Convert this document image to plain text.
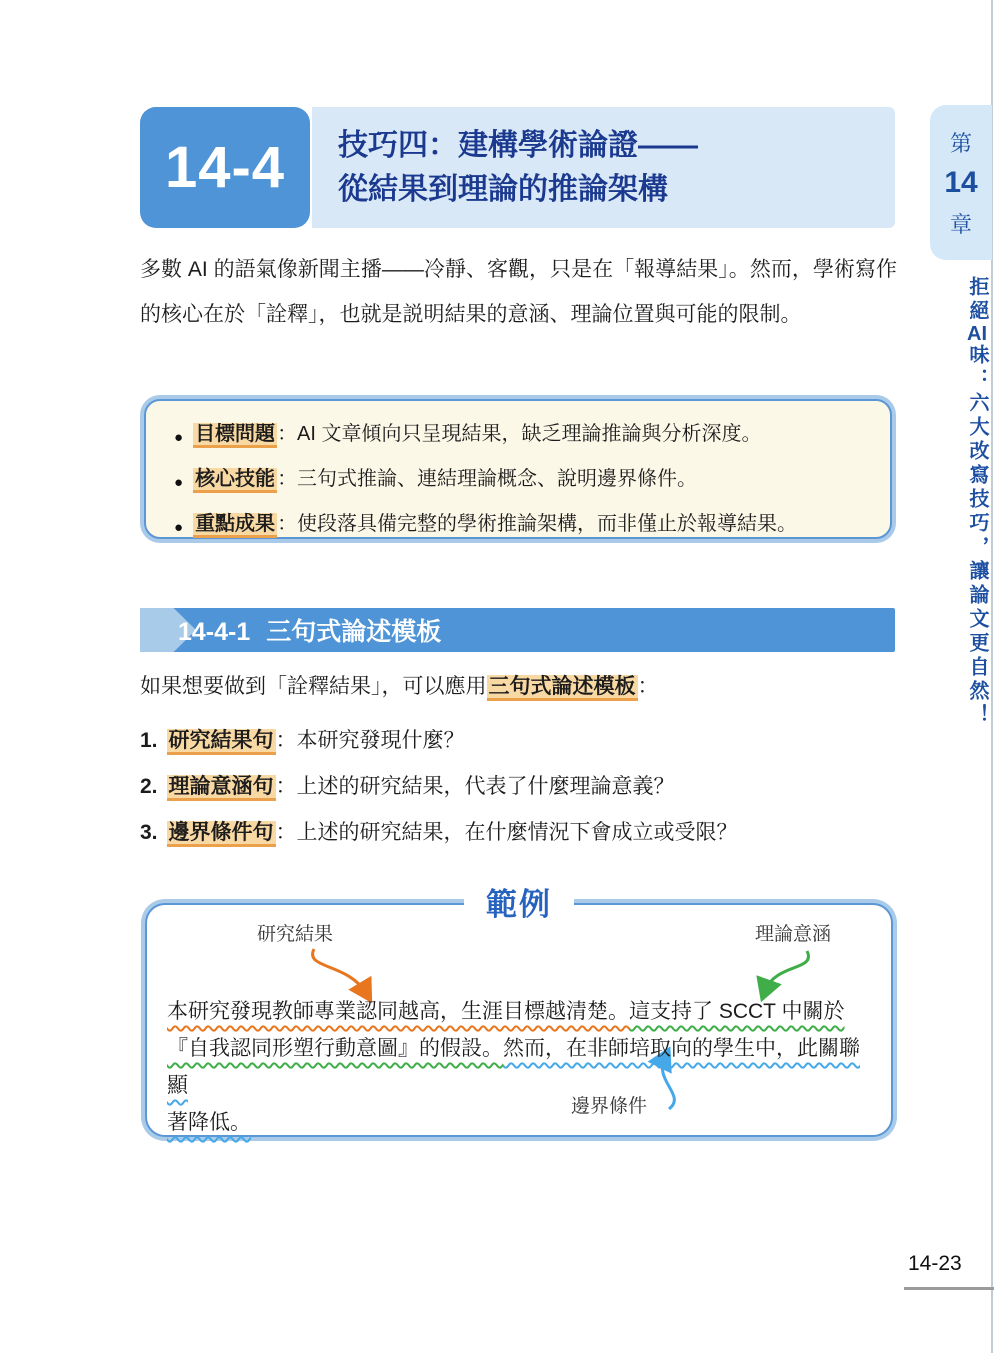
14-4 技巧四：建構學術論證——
從結果到理論的推論架構
第
14
章
拒絕AI味：六大改寫技巧，讓論文更自然！

多數 AI 的語氣像新聞主播——冷靜、客觀，只是在「報導結果」。然而，學術寫作的核心在於「詮釋」，也就是説明結果的意涵、理論位置與可能的限制。

● 目標問題 ：AI 文章傾向只呈現結果，缺乏理論推論與分析深度。
● 核心技能 ：三句式推論、連結理論概念、說明邊界條件。
● 重點成果 ：使段落具備完整的學術推論架構，而非僅止於報導結果。
14-4-1 三句式論述模板

如果想要做到「詮釋結果」，可以應用三句式論述模板：

1. 研究結果句：本研究發現什麼？
2. 理論意涵句：上述的研究結果，代表了什麼理論意義？
3. 邊界條件句：上述的研究結果，在什麼情況下會成立或受限？
範例
研究結果	理論意涵
邊界條件
本研究發現教師專業認同越高，生涯目標越清楚。這支持了 SCCT 中關於
『自我認同形塑行動意圖』的假設。然而，在非師培取向的學生中，此關聯顯
著降低。
14-23
